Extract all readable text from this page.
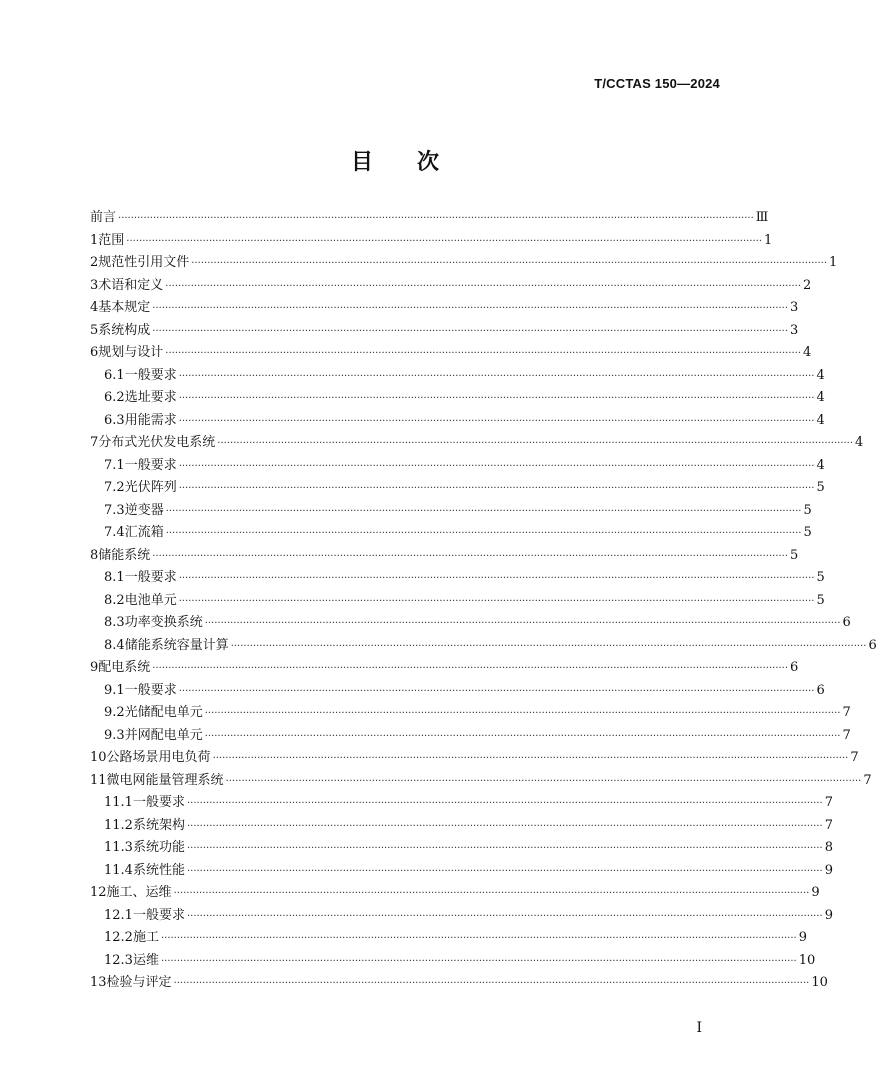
T/CCTAS 150—2024
目 次
前言 ········································································································································································································ Ⅲ
1 范围 ········································································································································································································ 1
2 规范性引用文件 ········································································································································································································ 1
3 术语和定义 ········································································································································································································ 2
4 基本规定 ········································································································································································································ 3
5 系统构成 ········································································································································································································ 3
6 规划与设计 ········································································································································································································ 4
6.1 一般要求 ········································································································································································································ 4
6.2 选址要求 ········································································································································································································ 4
6.3 用能需求 ········································································································································································································ 4
7 分布式光伏发电系统 ········································································································································································································ 4
7.1 一般要求 ········································································································································································································ 4
7.2 光伏阵列 ········································································································································································································ 5
7.3 逆变器 ········································································································································································································ 5
7.4 汇流箱 ········································································································································································································ 5
8 储能系统 ········································································································································································································ 5
8.1 一般要求 ········································································································································································································ 5
8.2 电池单元 ········································································································································································································ 5
8.3 功率变换系统 ········································································································································································································ 6
8.4 储能系统容量计算 ········································································································································································································ 6
9 配电系统 ········································································································································································································ 6
9.1 一般要求 ········································································································································································································ 6
9.2 光储配电单元 ········································································································································································································ 7
9.3 并网配电单元 ········································································································································································································ 7
10 公路场景用电负荷 ········································································································································································································ 7
11 微电网能量管理系统 ········································································································································································································ 7
11.1 一般要求 ········································································································································································································ 7
11.2 系统架构 ········································································································································································································ 7
11.3 系统功能 ········································································································································································································ 8
11.4 系统性能 ········································································································································································································ 9
12 施工、运维 ········································································································································································································ 9
12.1 一般要求 ········································································································································································································ 9
12.2 施工 ········································································································································································································ 9
12.3 运维 ········································································································································································································ 10
13 检验与评定 ········································································································································································································ 10
I
